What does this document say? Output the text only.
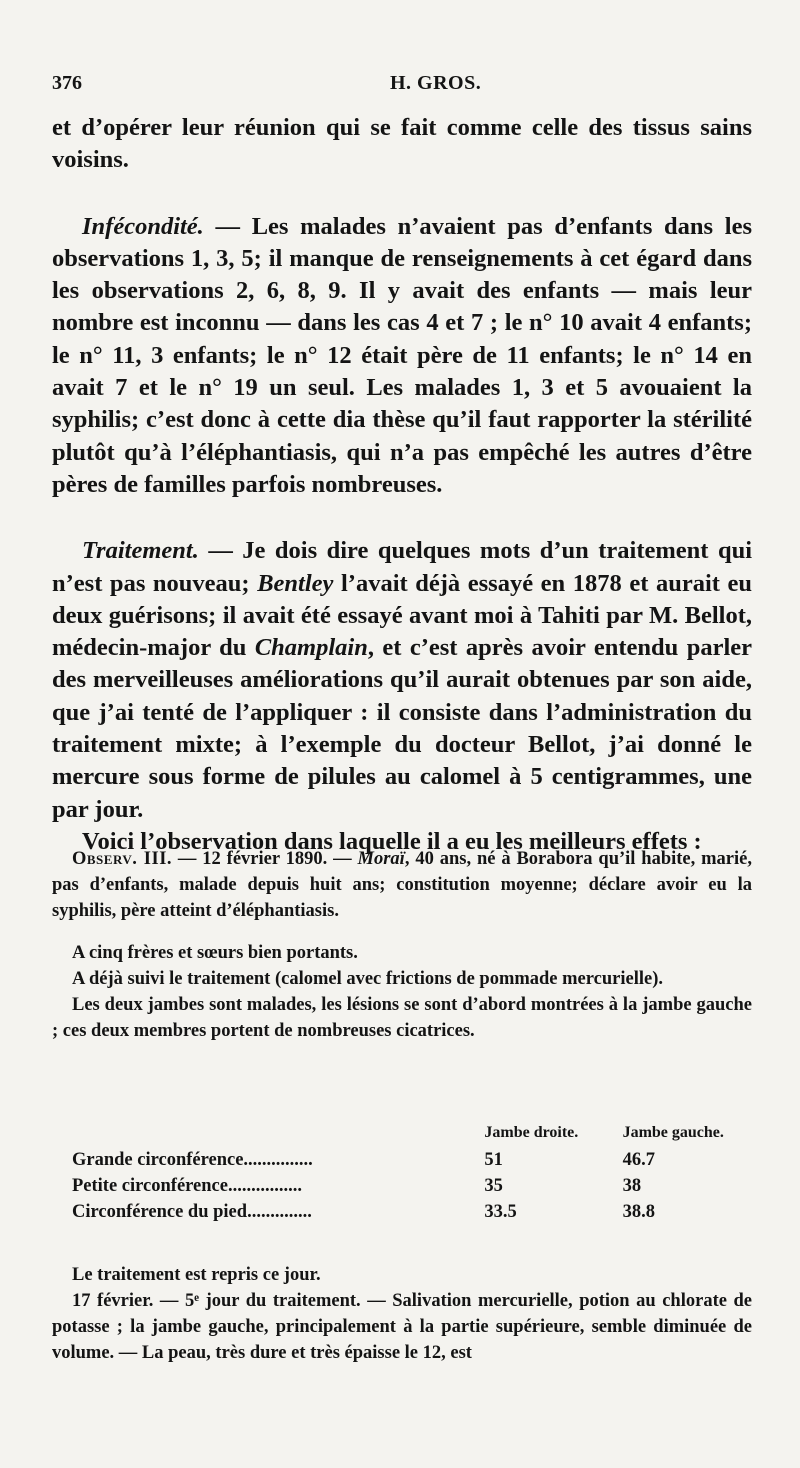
376	H. GROS.

et d’opérer leur réunion qui se fait comme celle des tissus sains voisins.

Infécondité. — Les malades n’avaient pas d’enfants dans les observations 1, 3, 5; il manque de renseignements à cet égard dans les observations 2, 6, 8, 9. Il y avait des enfants — mais leur nombre est inconnu — dans les cas 4 et 7 ; le n° 10 avait 4 enfants; le n° 11, 3 enfants; le n° 12 était père de 11 enfants; le n° 14 en avait 7 et le n° 19 un seul. Les malades 1, 3 et 5 avouaient la syphilis; c’est donc à cette dia thèse qu’il faut rapporter la stérilité plutôt qu’à l’éléphantiasis, qui n’a pas empêché les autres d’être pères de familles parfois nombreuses.

Traitement. — Je dois dire quelques mots d’un traitement qui n’est pas nouveau; Bentley l’avait déjà essayé en 1878 et aurait eu deux guérisons; il avait été essayé avant moi à Tahiti par M. Bellot, médecin-major du Champlain, et c’est après avoir entendu parler des merveilleuses améliorations qu’il aurait obtenues par son aide, que j’ai tenté de l’appliquer : il consiste dans l’administration du traitement mixte; à l’exemple du docteur Bellot, j’ai donné le mercure sous forme de pilules au calomel à 5 centigrammes, une par jour.

Voici l’observation dans laquelle il a eu les meilleurs effets :

Observ. III. — 12 février 1890. — Moraï, 40 ans, né à Borabora qu’il habite, marié, pas d’enfants, malade depuis huit ans; constitution moyenne; déclare avoir eu la syphilis, père atteint d’éléphantiasis.

A cinq frères et sœurs bien portants.

A déjà suivi le traitement (calomel avec frictions de pommade mercurielle).

Les deux jambes sont malades, les lésions se sont d’abord montrées à la jambe gauche ; ces deux membres portent de nombreuses cicatrices.

	Jambe droite.	Jambe gauche.
Grande circonférence...............	51	46.7
Petite circonférence................	35	38
Circonférence du pied..............	33.5	38.8

Le traitement est repris ce jour.

17 février. — 5ᵉ jour du traitement. — Salivation mercurielle, potion au chlorate de potasse ; la jambe gauche, principalement à la partie supérieure, semble diminuée de volume. — La peau, très dure et très épaisse le 12, est
